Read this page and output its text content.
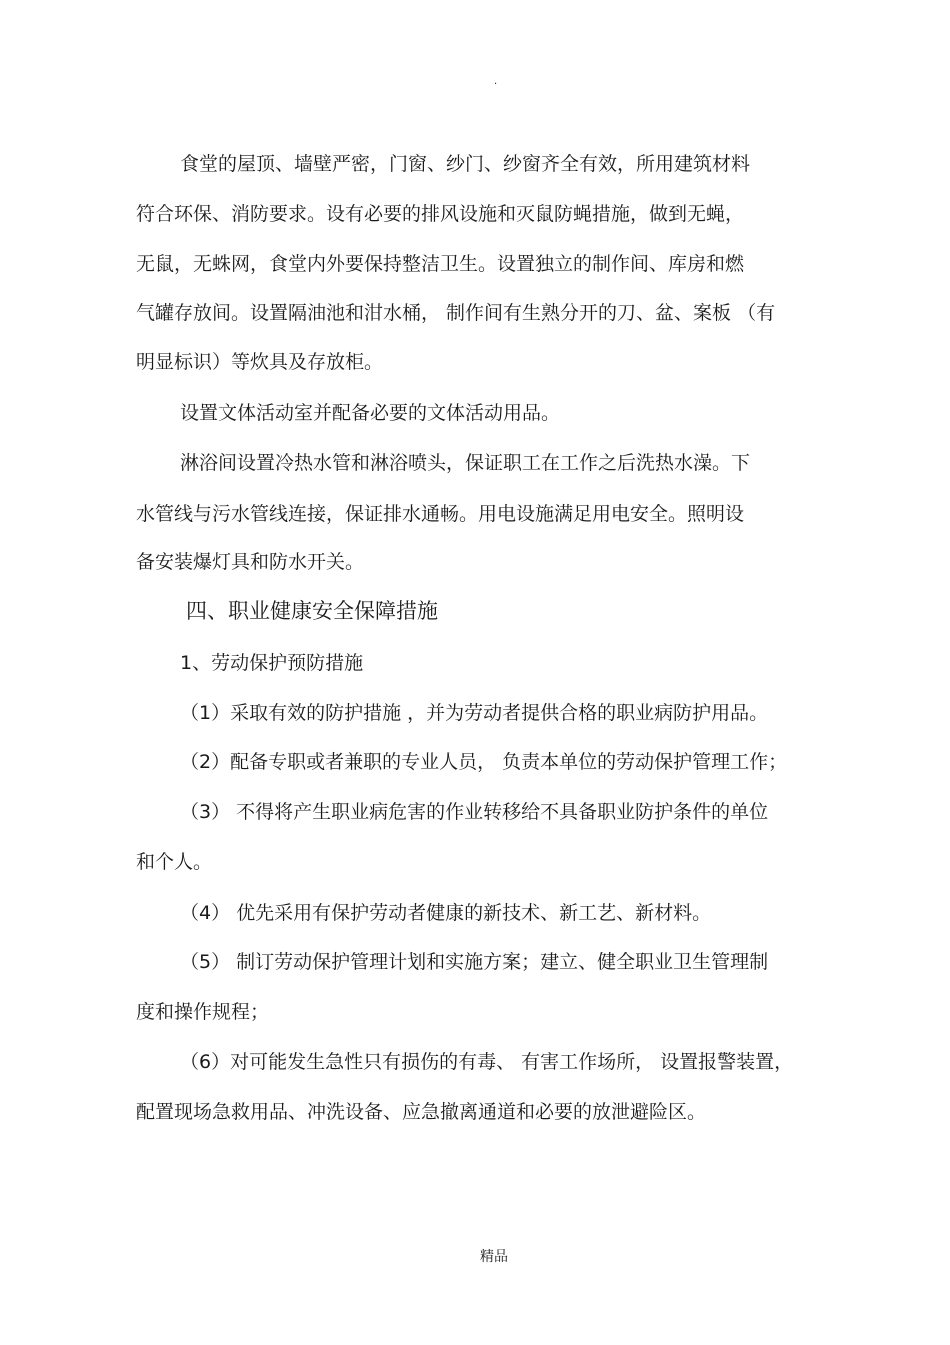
.
食堂的屋顶、墙壁严密，门窗、纱门、纱窗齐全有效，所用建筑材料
符合环保、消防要求。设有必要的排风设施和灭鼠防蝇措施，做到无蝇，
无鼠，无蛛网，食堂内外要保持整洁卫生。设置独立的制作间、库房和燃
气罐存放间。设置隔油池和泔水桶， 制作间有生熟分开的刀、盆、案板 （有
明显标识）等炊具及存放柜。
设置文体活动室并配备必要的文体活动用品。
淋浴间设置冷热水管和淋浴喷头，保证职工在工作之后洗热水澡。下
水管线与污水管线连接，保证排水通畅。用电设施满足用电安全。照明设
备安装爆灯具和防水开关。
四、职业健康安全保障措施
1、劳动保护预防措施
（1）采取有效的防护措施 ，并为劳动者提供合格的职业病防护用品。
（2）配备专职或者兼职的专业人员， 负责本单位的劳动保护管理工作；
（3） 不得将产生职业病危害的作业转移给不具备职业防护条件的单位
和个人。
（4） 优先采用有保护劳动者健康的新技术、新工艺、新材料。
（5） 制订劳动保护管理计划和实施方案；建立、健全职业卫生管理制
度和操作规程；
（6）对可能发生急性只有损伤的有毒、 有害工作场所， 设置报警装置，
配置现场急救用品、冲洗设备、应急撤离通道和必要的放泄避险区。
精品
